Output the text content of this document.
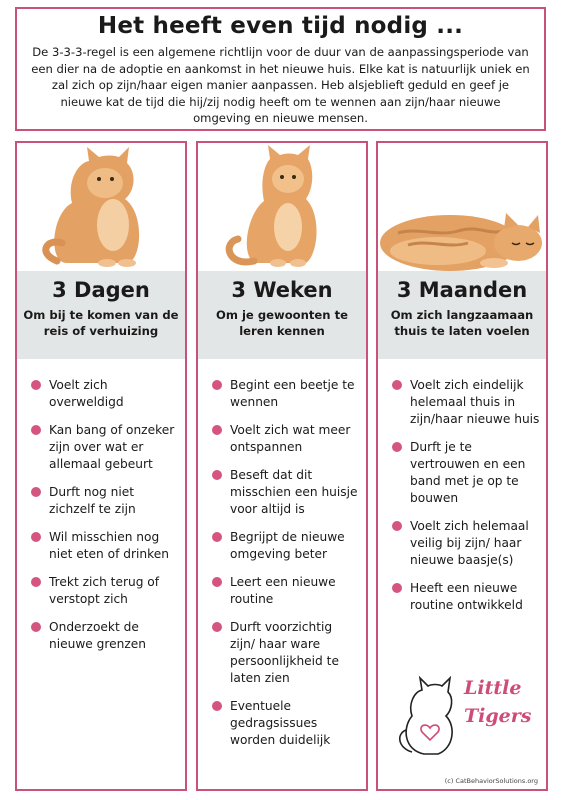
Het heeft even tijd nodig ...

De 3-3-3-regel is een algemene richtlijn voor de duur van de aanpassingsperiode van een dier na de adoptie en aankomst in het nieuwe huis. Elke kat is natuurlijk uniek en zal zich op zijn/haar eigen manier aanpassen. Heb alsjeblieft geduld en geef je nieuwe kat de tijd die hij/zij nodig heeft om te wennen aan zijn/haar nieuwe omgeving en nieuwe mensen.

3 Dagen
Om bij te komen van de reis of verhuizing
Voelt zich overweldigd
Kan bang of onzeker zijn over wat er allemaal gebeurt
Durft nog niet zichzelf te zijn
Wil misschien nog niet eten of drinken
Trekt zich terug of verstopt zich
Onderzoekt de nieuwe grenzen
3 Weken
Om je gewoonten te leren kennen
Begint een beetje te wennen
Voelt zich wat meer ontspannen
Beseft dat dit misschien een huisje voor altijd is
Begrijpt de nieuwe omgeving beter
Leert een nieuwe routine
Durft voorzichtig zijn/ haar ware persoonlijkheid te laten zien
Eventuele gedragsissues worden duidelijk
3 Maanden
Om zich langzaamaan thuis te laten voelen
Voelt zich eindelijk helemaal thuis in zijn/haar nieuwe huis
Durft je te vertrouwen en een band met je op te bouwen
Voelt zich helemaal veilig bij zijn/ haar nieuwe baasje(s)
Heeft een nieuwe routine ontwikkeld
Little
Tigers
(c) CatBehaviorSolutions.org
